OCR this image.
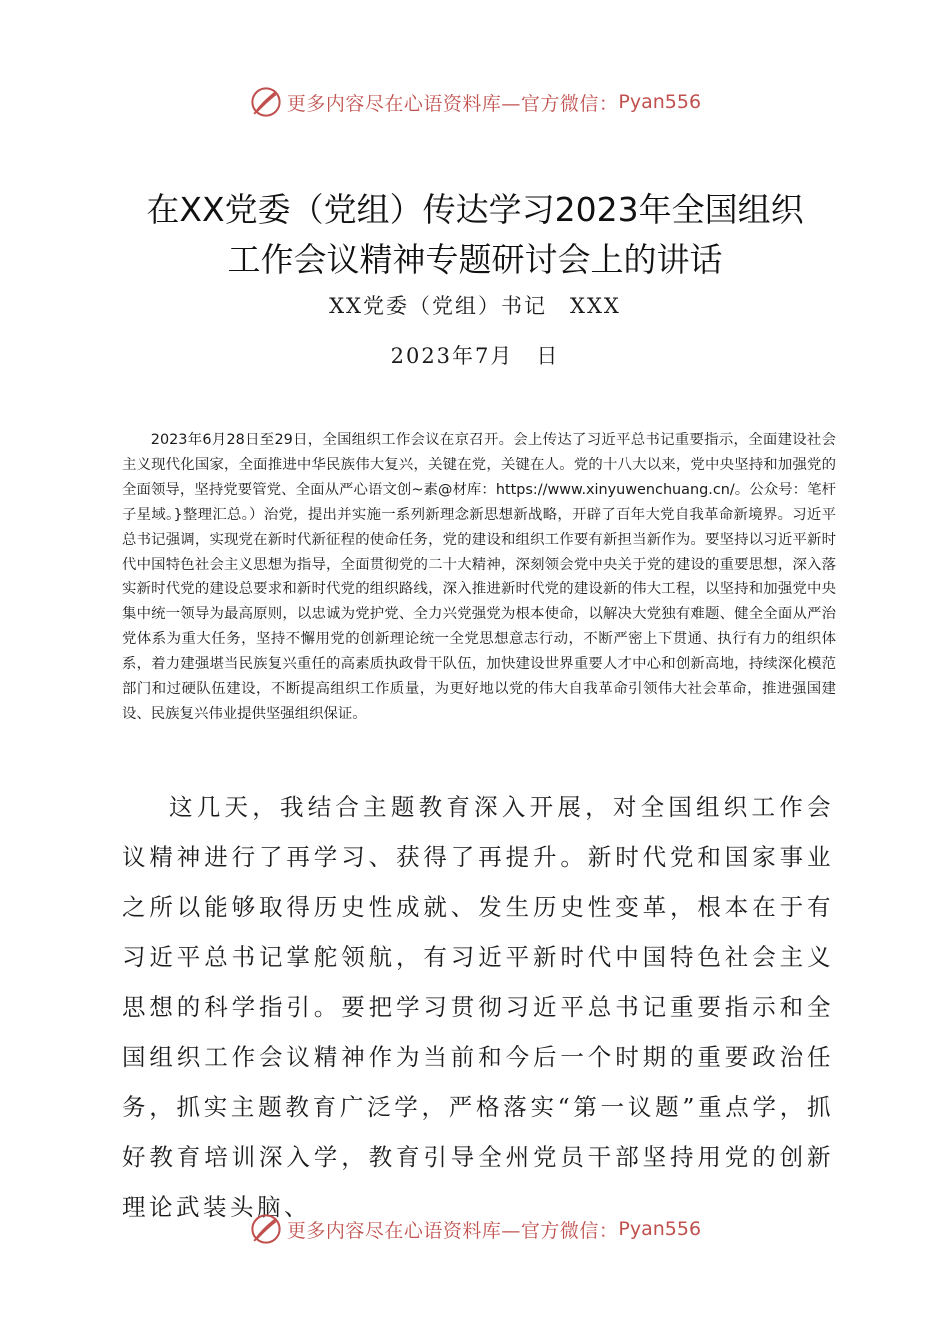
更多内容尽在心语资料库—官方微信： Pyan556
在XX党委（党组）传达学习2023年全国组织
工作会议精神专题研讨会上的讲话
XX党委（党组）书记　XXX
2023年7月　日

2023年6月28日至29日，全国组织工作会议在京召开。会上传达了习近平总书记重要指示，全面建设社会主义现代化国家，全面推进中华民族伟大复兴，关键在党，关键在人。党的十八大以来，党中央坚持和加强党的全面领导，坚持党要管党、全面从严心语文创~素@材库：https://www.xinyuwenchuang.cn/。公众号：笔杆子星域。}整理汇总。）治党，提出并实施一系列新理念新思想新战略，开辟了百年大党自我革命新境界。习近平总书记强调，实现党在新时代新征程的使命任务，党的建设和组织工作要有新担当新作为。要坚持以习近平新时代中国特色社会主义思想为指导，全面贯彻党的二十大精神，深刻领会党中央关于党的建设的重要思想，深入落实新时代党的建设总要求和新时代党的组织路线，深入推进新时代党的建设新的伟大工程，以坚持和加强党中央集中统一领导为最高原则，以忠诚为党护党、全力兴党强党为根本使命，以解决大党独有难题、健全全面从严治党体系为重大任务，坚持不懈用党的创新理论统一全党思想意志行动，不断严密上下贯通、执行有力的组织体系，着力建强堪当民族复兴重任的高素质执政骨干队伍，加快建设世界重要人才中心和创新高地，持续深化模范部门和过硬队伍建设，不断提高组织工作质量，为更好地以党的伟大自我革命引领伟大社会革命，推进强国建设、民族复兴伟业提供坚强组织保证。

这几天，我结合主题教育深入开展，对全国组织工作会议精神进行了再学习、获得了再提升。新时代党和国家事业之所以能够取得历史性成就、发生历史性变革，根本在于有习近平总书记掌舵领航，有习近平新时代中国特色社会主义思想的科学指引。要把学习贯彻习近平总书记重要指示和全国组织工作会议精神作为当前和今后一个时期的重要政治任务，抓实主题教育广泛学，严格落实“第一议题”重点学，抓好教育培训深入学，教育引导全州党员干部坚持用党的创新理论武装头脑、

更多内容尽在心语资料库—官方微信： Pyan556
